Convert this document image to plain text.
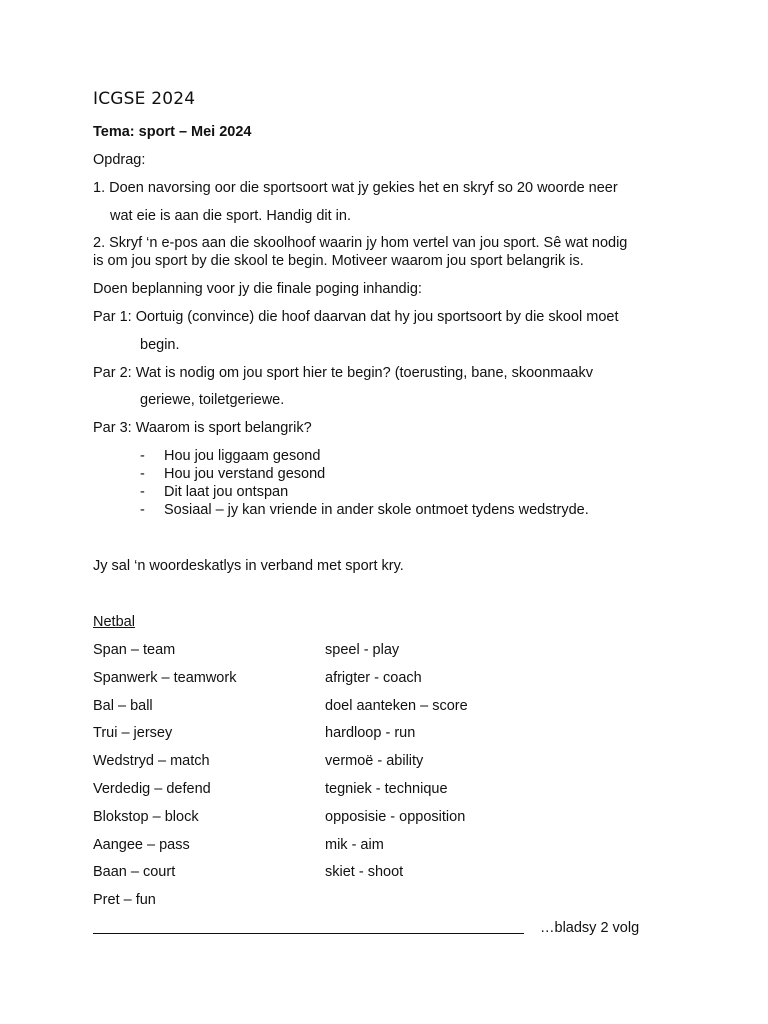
ICGSE 2024
Tema: sport – Mei 2024
Opdrag:
1. Doen navorsing oor die sportsoort wat jy gekies het en skryf so 20 woorde neer
wat eie is aan die sport. Handig dit in.
2. Skryf ‘n e-pos aan die skoolhoof waarin jy hom vertel van jou sport. Sê wat nodig
is om jou sport by die skool te begin. Motiveer waarom jou sport belangrik is.
Doen beplanning voor jy die finale poging inhandig:
Par 1: Oortuig (convince) die hoof daarvan dat hy jou sportsoort by die skool moet
begin.
Par 2: Wat is nodig om jou sport hier te begin? (toerusting, bane, skoonmaakv
geriewe, toiletgeriewe.
Par 3: Waarom is sport belangrik?
- Hou jou liggaam gesond
- Hou jou verstand gesond
- Dit laat jou ontspan
- Sosiaal – jy kan vriende in ander skole ontmoet tydens wedstryde.
Jy sal ‘n woordeskatlys in verband met sport kry.
Netbal
Span – team	speel - play
Spanwerk – teamwork	afrigter - coach
Bal – ball	doel aanteken – score
Trui – jersey	hardloop - run
Wedstryd – match	vermoë - ability
Verdedig – defend	tegniek - technique
Blokstop – block	opposisie - opposition
Aangee – pass	mik - aim
Baan – court	skiet - shoot
Pret – fun
…bladsy 2 volg
